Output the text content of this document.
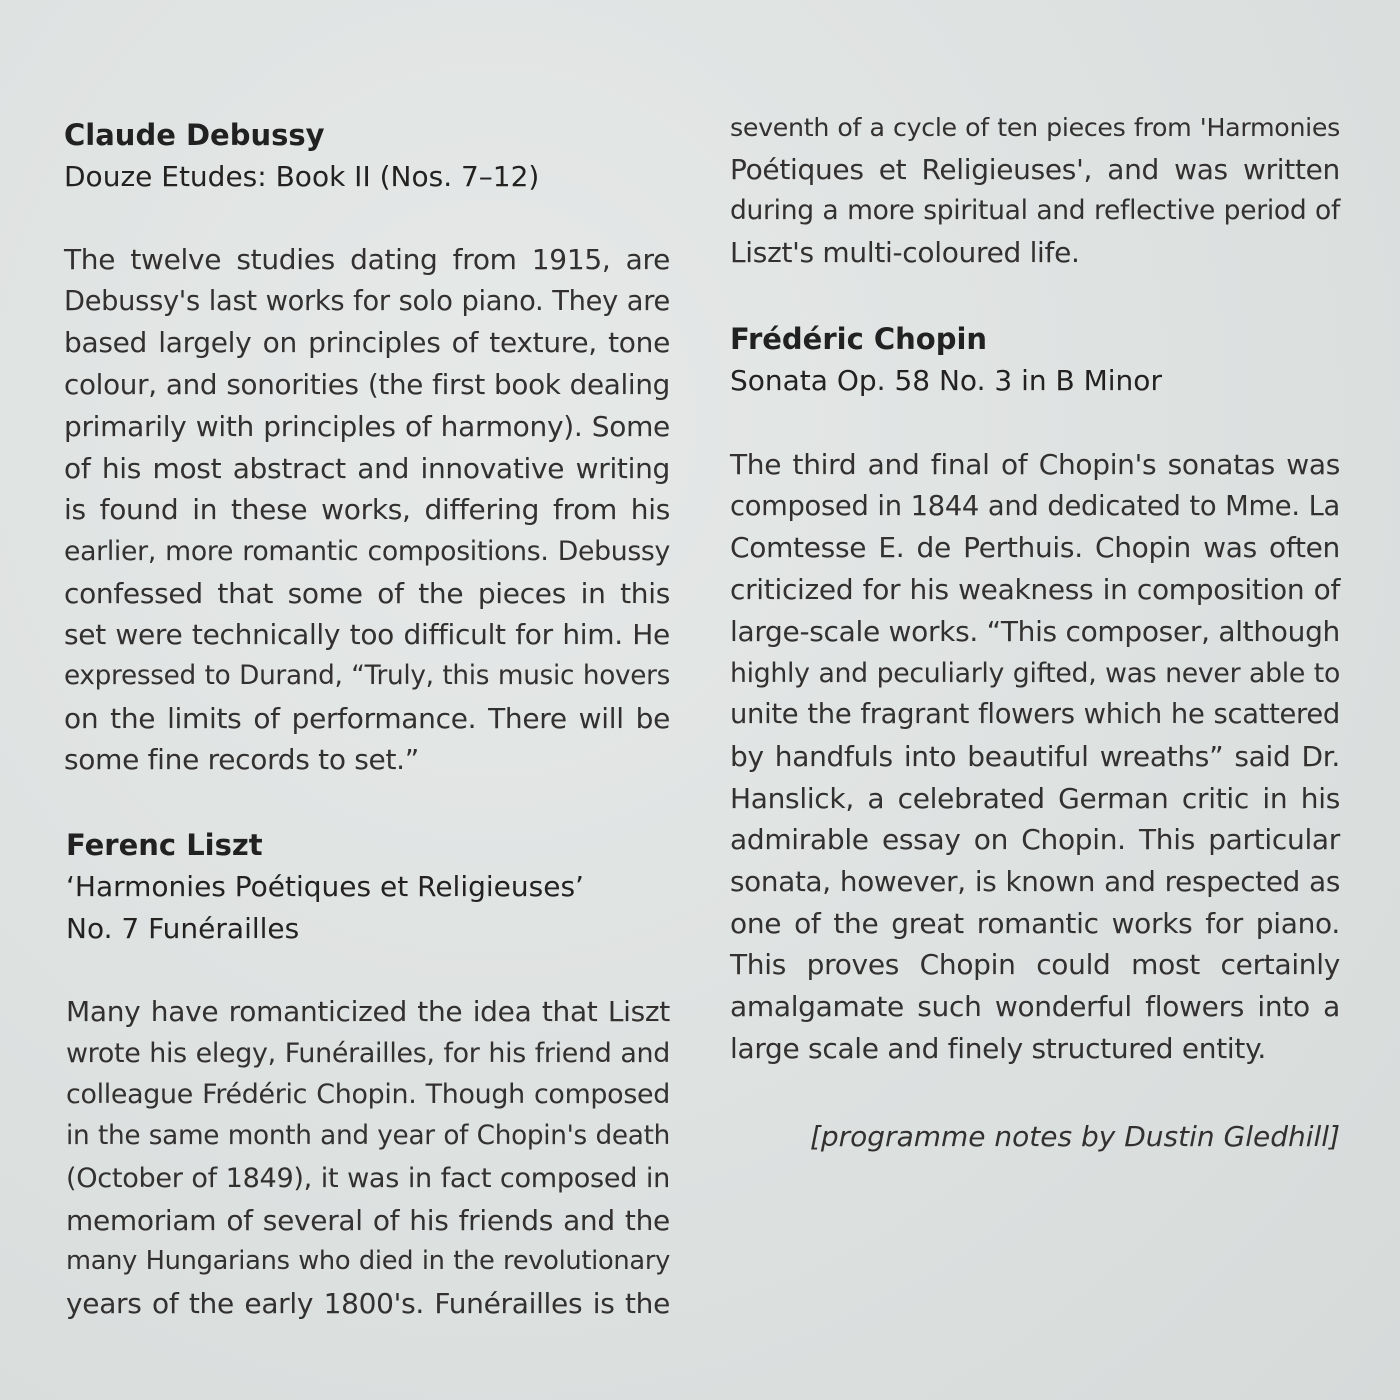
Claude Debussy
Douze Etudes: Book II (Nos. 7–12)
The twelve studies dating from 1915, are
Debussy's last works for solo piano. They are
based largely on principles of texture, tone
colour, and sonorities (the first book dealing
primarily with principles of harmony). Some
of his most abstract and innovative writing
is found in these works, differing from his
earlier, more romantic compositions. Debussy
confessed that some of the pieces in this
set were technically too difficult for him. He
expressed to Durand, “Truly, this music hovers
on the limits of performance. There will be
some fine records to set.”
Ferenc Liszt
‘Harmonies Poétiques et Religieuses’
No. 7 Funérailles
Many have romanticized the idea that Liszt
wrote his elegy, Funérailles, for his friend and
colleague Frédéric Chopin. Though composed
in the same month and year of Chopin's death
(October of 1849), it was in fact composed in
memoriam of several of his friends and the
many Hungarians who died in the revolutionary
years of the early 1800's. Funérailles is the
seventh of a cycle of ten pieces from 'Harmonies
Poétiques et Religieuses', and was written
during a more spiritual and reflective period of
Liszt's multi-coloured life.
Frédéric Chopin
Sonata Op. 58 No. 3 in B Minor
The third and final of Chopin's sonatas was
composed in 1844 and dedicated to Mme. La
Comtesse E. de Perthuis. Chopin was often
criticized for his weakness in composition of
large-scale works. “This composer, although
highly and peculiarly gifted, was never able to
unite the fragrant flowers which he scattered
by handfuls into beautiful wreaths” said Dr.
Hanslick, a celebrated German critic in his
admirable essay on Chopin. This particular
sonata, however, is known and respected as
one of the great romantic works for piano.
This proves Chopin could most certainly
amalgamate such wonderful flowers into a
large scale and finely structured entity.
[programme notes by Dustin Gledhill]
